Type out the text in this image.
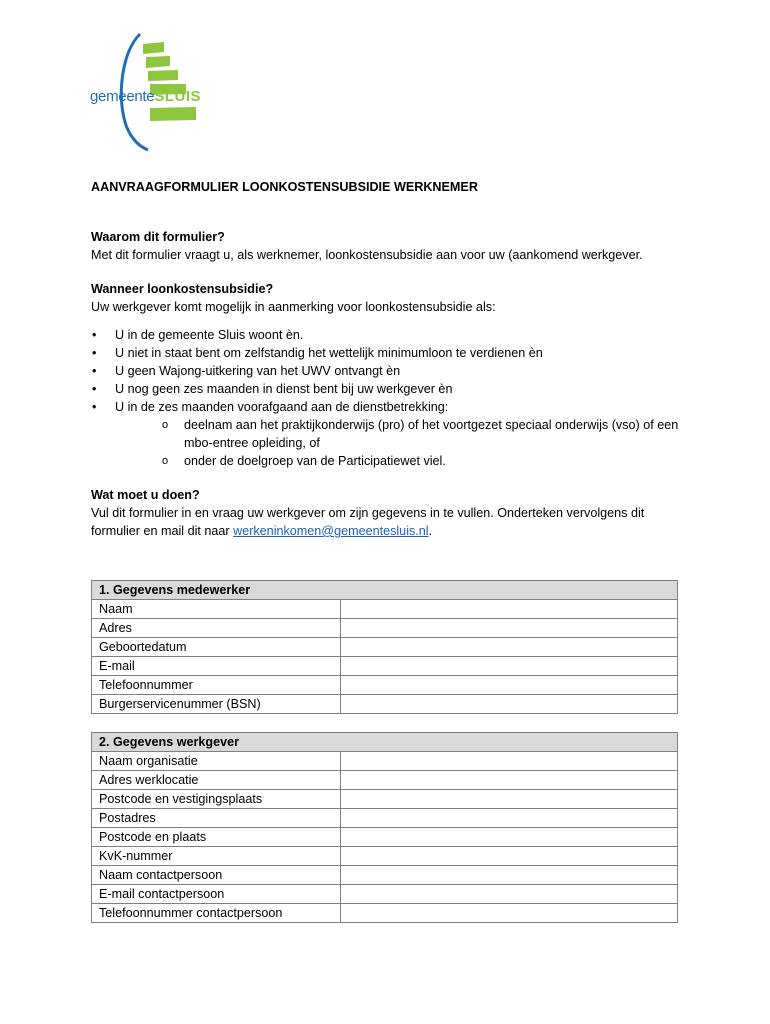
gemeenteSLUIS
AANVRAAGFORMULIER LOONKOSTENSUBSIDIE WERKNEMER
Waarom dit formulier?

Met dit formulier vraagt u, als werknemer, loonkostensubsidie aan voor uw (aankomend werkgever.

Wanneer loonkostensubsidie?

Uw werkgever komt mogelijk in aanmerking voor loonkostensubsidie als:

• U in de gemeente Sluis woont èn.
• U niet in staat bent om zelfstandig het wettelijk minimumloon te verdienen èn
• U geen Wajong-uitkering van het UWV ontvangt èn
• U nog geen zes maanden in dienst bent bij uw werkgever èn
• U in de zes maanden voorafgaand aan de dienstbetrekking:
o deelnam aan het praktijkonderwijs (pro) of het voortgezet speciaal onderwijs (vso) of een mbo-entree opleiding, of
o onder de doelgroep van de Participatiewet viel.
Wat moet u doen?

Vul dit formulier in en vraag uw werkgever om zijn gegevens in te vullen. Onderteken vervolgens dit formulier en mail dit naar werkeninkomen@gemeentesluis.nl.

1. Gegevens medewerker	
Naam	
Adres	
Geboortedatum	
E-mail	
Telefoonnummer	
Burgerservicenummer (BSN)	
2. Gegevens werkgever	
Naam organisatie	
Adres werklocatie	
Postcode en vestigingsplaats	
Postadres	
Postcode en plaats	
KvK-nummer	
Naam contactpersoon	
E-mail contactpersoon	
Telefoonnummer contactpersoon	
